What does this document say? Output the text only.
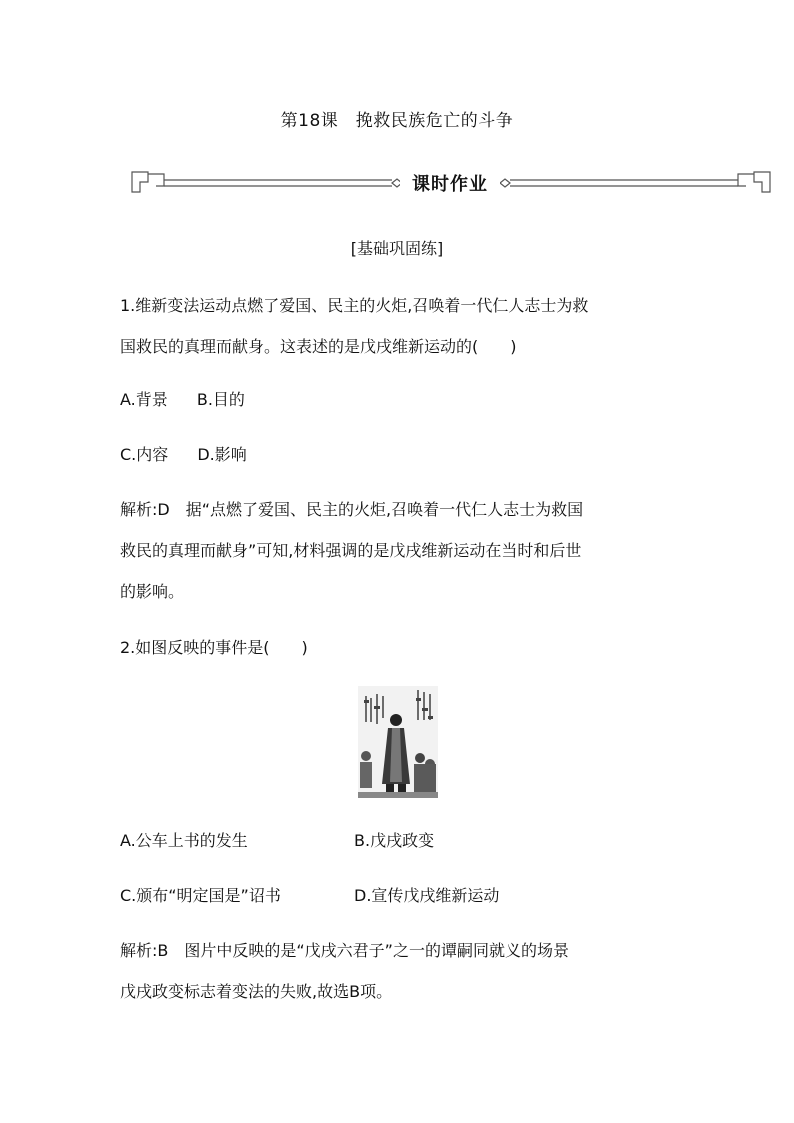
第18课　挽救民族危亡的斗争
课时作业
[基础巩固练]
1.维新变法运动点燃了爱国、民主的火炬,召唤着一代仁人志士为救
国救民的真理而献身。这表述的是戊戌维新运动的(　　)
A.背景 B.目的
C.内容 D.影响
解析:D　据“点燃了爱国、民主的火炬,召唤着一代仁人志士为救国
救民的真理而献身”可知,材料强调的是戊戌维新运动在当时和后世
的影响。
2.如图反映的事件是(　　)
A.公车上书的发生	B.戊戌政变
C.颁布“明定国是”诏书	D.宣传戊戌维新运动
解析:B　图片中反映的是“戊戌六君子”之一的谭嗣同就义的场景
戊戌政变标志着变法的失败,故选B项。
